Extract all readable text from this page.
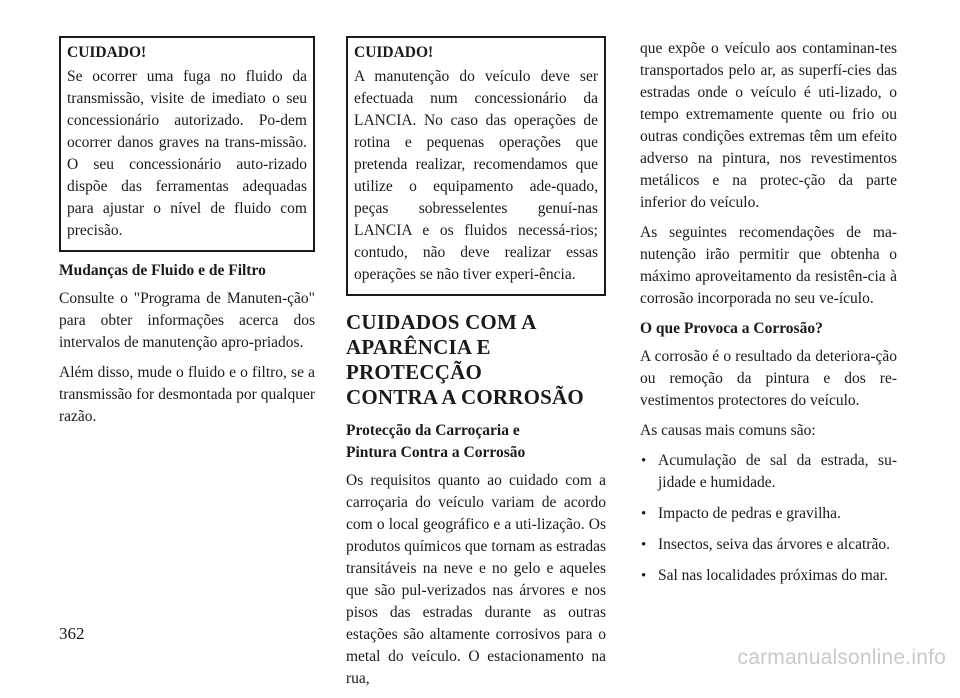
CUIDADO!
Se ocorrer uma fuga no fluido da transmissão, visite de imediato o seu concessionário autorizado. Po-dem ocorrer danos graves na trans-missão. O seu concessionário auto-rizado dispõe das ferramentas adequadas para ajustar o nível de fluido com precisão.
Mudanças de Fluido e de Filtro

Consulte o "Programa de Manuten-ção" para obter informações acerca dos intervalos de manutenção apro-priados.

Além disso, mude o fluido e o filtro, se a transmissão for desmontada por qualquer razão.

CUIDADO!
A manutenção do veículo deve ser efectuada num concessionário da LANCIA. No caso das operações de rotina e pequenas operações que pretenda realizar, recomendamos que utilize o equipamento ade-quado, peças sobresselentes genuí-nas LANCIA e os fluidos necessá-rios; contudo, não deve realizar essas operações se não tiver experi-ência.
CUIDADOS COM A
APARÊNCIA E PROTECÇÃO
CONTRA A CORROSÃO
Protecção da Carroçaria e
Pintura Contra a Corrosão

Os requisitos quanto ao cuidado com a carroçaria do veículo variam de acordo com o local geográfico e a uti-lização. Os produtos químicos que tornam as estradas transitáveis na neve e no gelo e aqueles que são pul-verizados nas árvores e nos pisos das estradas durante as outras estações são altamente corrosivos para o metal do veículo. O estacionamento na rua,

que expõe o veículo aos contaminan-tes transportados pelo ar, as superfí-cies das estradas onde o veículo é uti-lizado, o tempo extremamente quente ou frio ou outras condições extremas têm um efeito adverso na pintura, nos revestimentos metálicos e na protec-ção da parte inferior do veículo.

As seguintes recomendações de ma-nutenção irão permitir que obtenha o máximo aproveitamento da resistên-cia à corrosão incorporada no seu ve-ículo.

O que Provoca a Corrosão?

A corrosão é o resultado da deteriora-ção ou remoção da pintura e dos re-vestimentos protectores do veículo.

As causas mais comuns são:

• Acumulação de sal da estrada, su-jidade e humidade.
• Impacto de pedras e gravilha.
• Insectos, seiva das árvores e alcatrão.
• Sal nas localidades próximas do mar.
362
carmanualsonline.info
